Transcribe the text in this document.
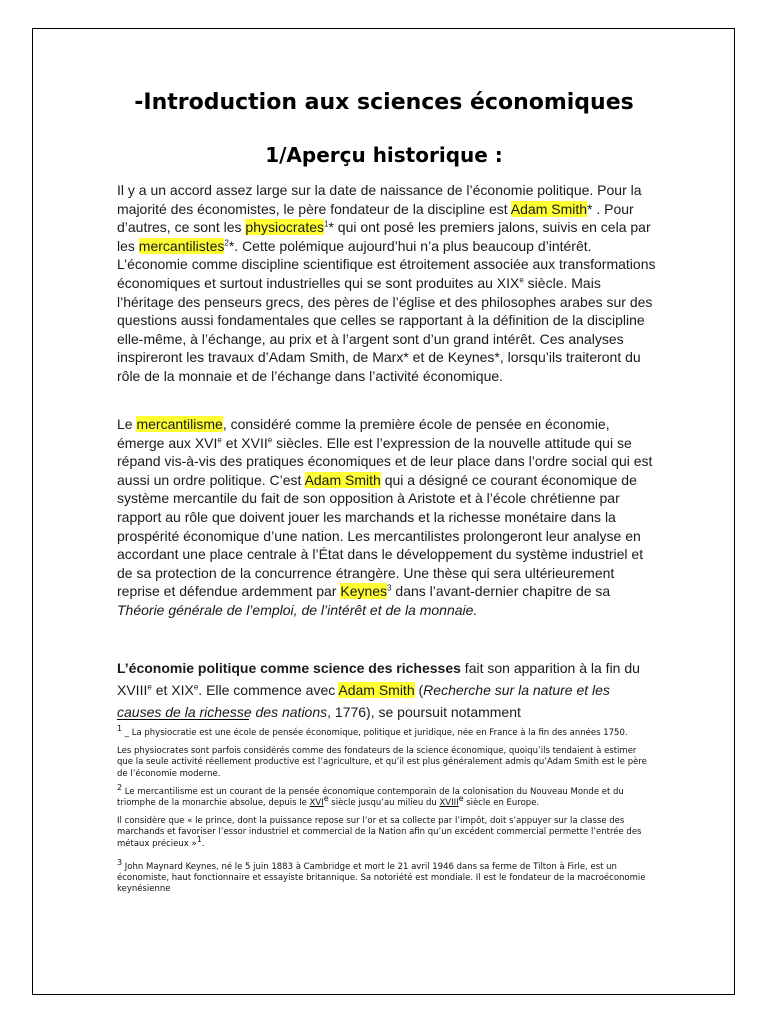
-Introduction aux sciences économiques
1/Aperçu historique :

Il y a un accord assez large sur la date de naissance de l’économie politique. Pour la majorité des économistes, le père fondateur de la discipline est Adam Smith* . Pour d’autres, ce sont les physiocrates$^1$* qui ont posé les premiers jalons, suivis en cela par les mercantilistes$^2$*. Cette polémique aujourd’hui n’a plus beaucoup d’intérêt. L’économie comme discipline scientifique est étroitement associée aux transformations économiques et surtout industrielles qui se sont produites au XIXe siècle. Mais l’héritage des penseurs grecs, des pères de l’église et des philosophes arabes sur des questions aussi fondamentales que celles se rapportant à la définition de la discipline elle-même, à l’échange, au prix et à l’argent sont d’un grand intérêt. Ces analyses inspireront les travaux d’Adam Smith, de Marx* et de Keynes*, lorsqu’ils traiteront du rôle de la monnaie et de l’échange dans l’activité économique.

Le mercantilisme, considéré comme la première école de pensée en économie, émerge aux XVIe et XVIIe siècles. Elle est l’expression de la nouvelle attitude qui se répand vis-à-vis des pratiques économiques et de leur place dans l’ordre social qui est aussi un ordre politique. C’est Adam Smith qui a désigné ce courant économique de système mercantile du fait de son opposition à Aristote et à l’école chrétienne par rapport au rôle que doivent jouer les marchands et la richesse monétaire dans la prospérité économique d’une nation. Les mercantilistes prolongeront leur analyse en accordant une place centrale à l’État dans le développement du système industriel et de sa protection de la concurrence étrangère. Une thèse qui sera ultérieurement reprise et défendue ardemment par Keynes$^3$ dans l’avant-dernier chapitre de sa Théorie générale de l’emploi, de l’intérêt et de la monnaie.

L’économie politique comme science des richesses fait son apparition à la fin du XVIIIe et XIXe. Elle commence avec Adam Smith (Recherche sur la nature et les causes de la richesse des nations, 1776), se poursuit notamment

$^1$ _ La physiocratie est une école de pensée économique, politique et juridique, née en France à la fin des années 1750.

Les physiocrates sont parfois considérés comme des fondateurs de la science économique, quoiqu’ils tendaient à estimer que la seule activité réellement productive est l’agriculture, et qu’il est plus généralement admis qu’Adam Smith est le père de l’économie moderne.

$^2$ Le mercantilisme est un courant de la pensée économique contemporain de la colonisation du Nouveau Monde et du triomphe de la monarchie absolue, depuis le XVIe siècle jusqu’au milieu du XVIIIe siècle en Europe.

Il considère que « le prince, dont la puissance repose sur l’or et sa collecte par l’impôt, doit s’appuyer sur la classe des marchands et favoriser l’essor industriel et commercial de la Nation afin qu’un excédent commercial permette l’entrée des métaux précieux »$^1$.

$^3$ John Maynard Keynes, né le 5 juin 1883 à Cambridge et mort le 21 avril 1946 dans sa ferme de Tilton à Firle, est un économiste, haut fonctionnaire et essayiste britannique. Sa notoriété est mondiale. Il est le fondateur de la macroéconomie keynésienne
